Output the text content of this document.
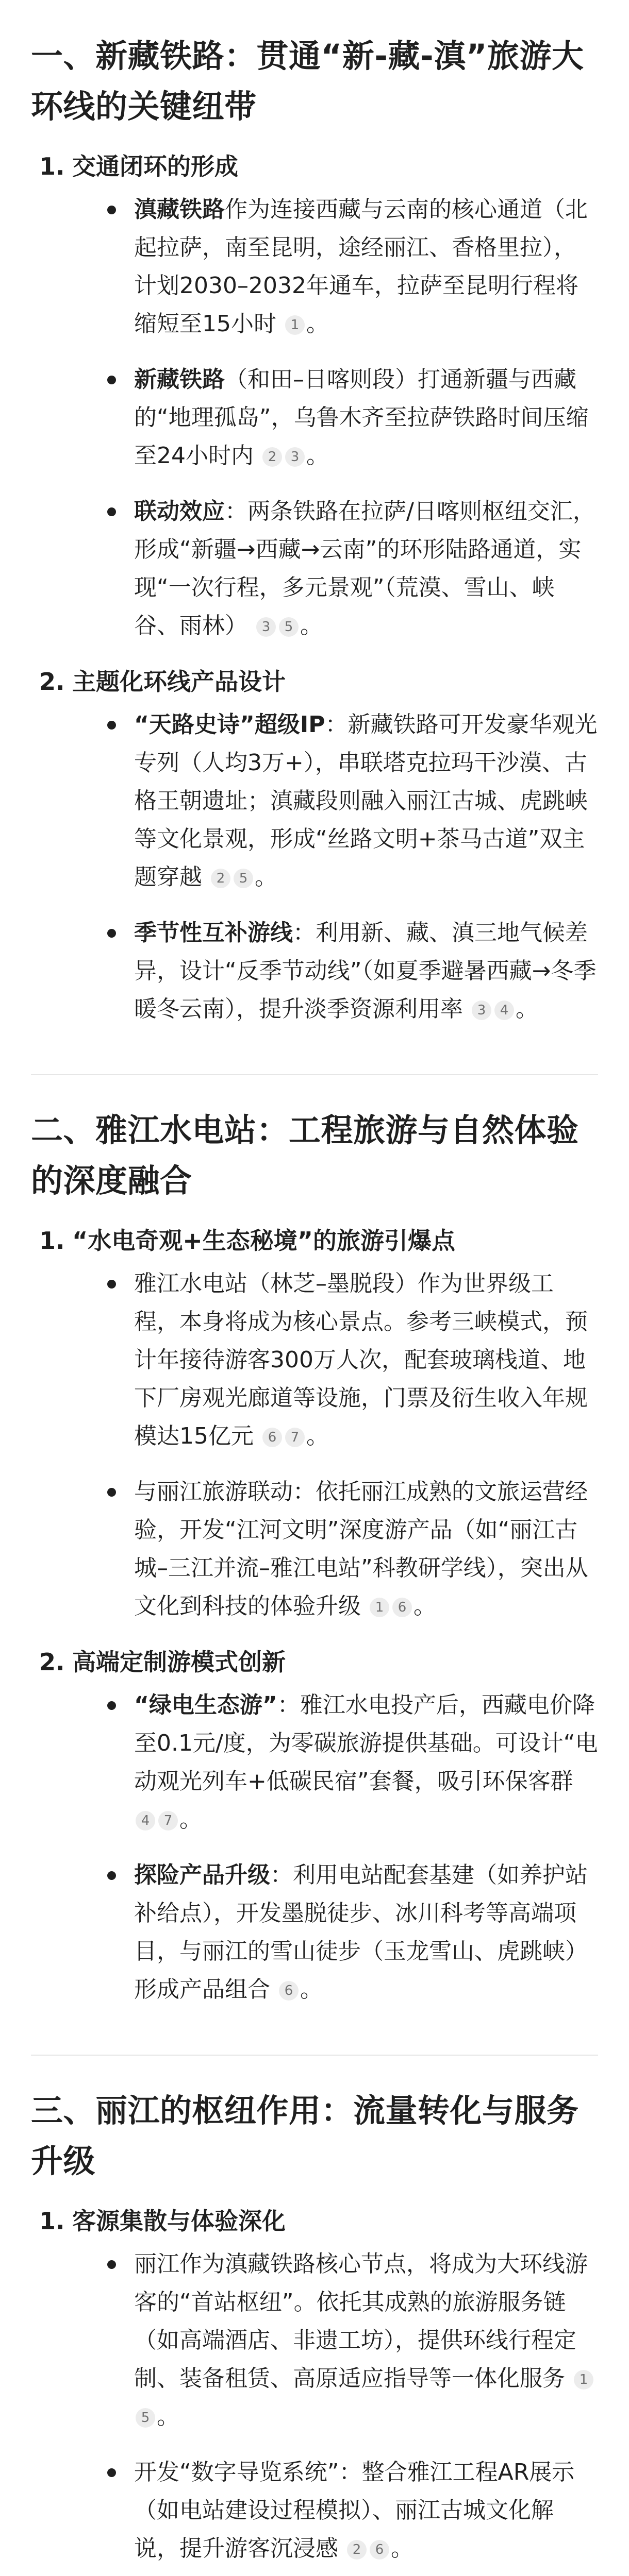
一、新藏铁路：贯通“新-藏-滇”旅游大环线的关键纽带
1. 交通闭环的形成
滇藏铁路作为连接西藏与云南的核心通道（北起拉萨，南至昆明，途经丽江、香格里拉），计划2030–2032年通车，拉萨至昆明行程将缩短至15小时 1 。
新藏铁路（和田–日喀则段）打通新疆与西藏的“地理孤岛”，乌鲁木齐至拉萨铁路时间压缩至24小时内 2 3 。
联动效应：两条铁路在拉萨/日喀则枢纽交汇，形成“新疆→西藏→云南”的环形陆路通道，实现“一次行程，多元景观”（荒漠、雪山、峡谷、雨林） 3 5 。
2. 主题化环线产品设计
“天路史诗”超级IP：新藏铁路可开发豪华观光专列（人均3万+），串联塔克拉玛干沙漠、古格王朝遗址；滇藏段则融入丽江古城、虎跳峡等文化景观，形成“丝路文明+茶马古道”双主题穿越 2 5 。
季节性互补游线：利用新、藏、滇三地气候差异，设计“反季节动线”（如夏季避暑西藏→冬季暖冬云南），提升淡季资源利用率 3 4 。
二、雅江水电站：工程旅游与自然体验的深度融合
1. “水电奇观+生态秘境”的旅游引爆点
雅江水电站（林芝–墨脱段）作为世界级工程，本身将成为核心景点。参考三峡模式，预计年接待游客300万人次，配套玻璃栈道、地下厂房观光廊道等设施，门票及衍生收入年规模达15亿元 6 7 。
与丽江旅游联动：依托丽江成熟的文旅运营经验，开发“江河文明”深度游产品（如“丽江古城–三江并流–雅江电站”科教研学线），突出从文化到科技的体验升级 1 6 。
2. 高端定制游模式创新
“绿电生态游”：雅江水电投产后，西藏电价降至0.1元/度，为零碳旅游提供基础。可设计“电动观光列车+低碳民宿”套餐，吸引环保客群 4 7 。
探险产品升级：利用电站配套基建（如养护站补给点），开发墨脱徒步、冰川科考等高端项目，与丽江的雪山徒步（玉龙雪山、虎跳峡）形成产品组合 6 。
三、丽江的枢纽作用：流量转化与服务升级
1. 客源集散与体验深化
丽江作为滇藏铁路核心节点，将成为大环线游客的“首站枢纽”。依托其成熟的旅游服务链（如高端酒店、非遗工坊），提供环线行程定制、装备租赁、高原适应指导等一体化服务 15 。
开发“数字导览系统”：整合雅江工程AR展示（如电站建设过程模拟）、丽江古城文化解说，提升游客沉浸感 2 6 。
